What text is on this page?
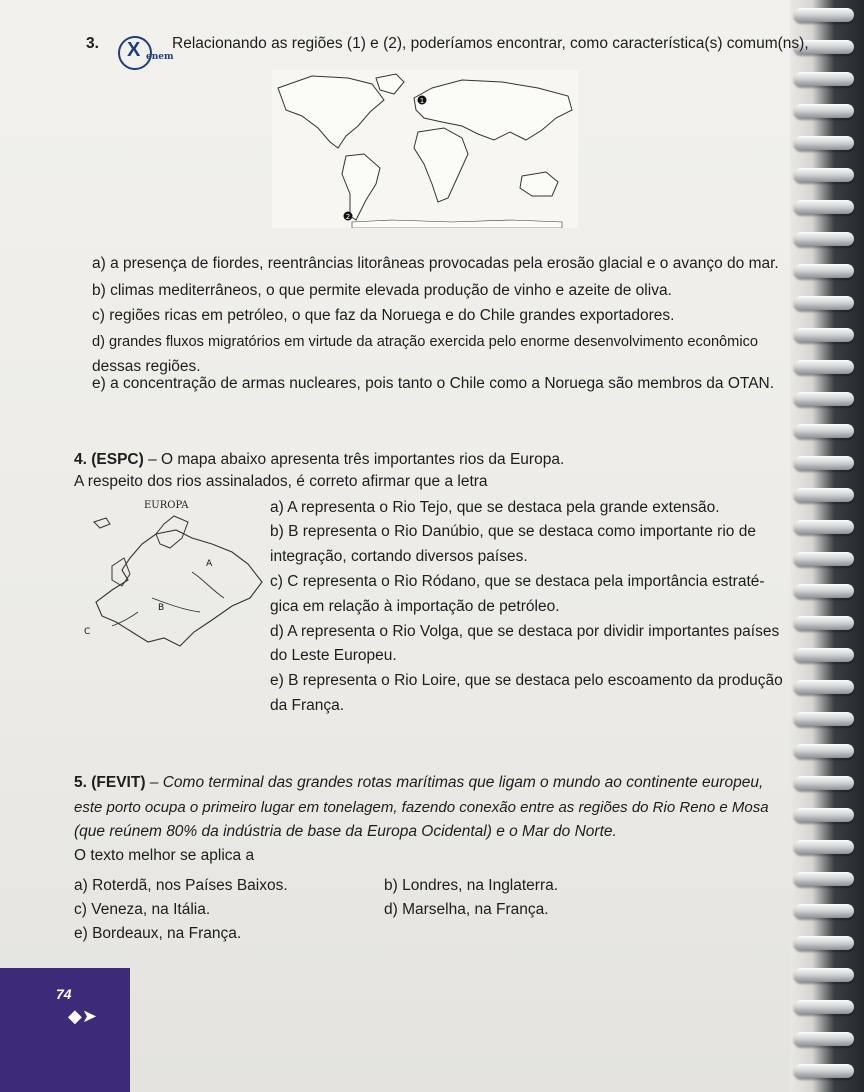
3. X enem
Relacionando as regiões (1) e (2), poderíamos encontrar, como característica(s) comum(ns),
1
2
a) a presença de fiordes, reentrâncias litorâneas provocadas pela erosão glacial e o avanço do mar.
b) climas mediterrâneos, o que permite elevada produção de vinho e azeite de oliva.
c) regiões ricas em petróleo, o que faz da Noruega e do Chile grandes exportadores.
d) grandes fluxos migratórios em virtude da atração exercida pelo enorme desenvolvimento econômico
dessas regiões.
e) a concentração de armas nucleares, pois tanto o Chile como a Noruega são membros da OTAN.
4. (ESPC) – O mapa abaixo apresenta três importantes rios da Europa.
A respeito dos rios assinalados, é correto afirmar que a letra
EUROPA
A
B
C
a) A representa o Rio Tejo, que se destaca pela grande extensão.
b) B representa o Rio Danúbio, que se destaca como importante rio de
integração, cortando diversos países.
c) C representa o Rio Ródano, que se destaca pela importância estraté-
gica em relação à importação de petróleo.
d) A representa o Rio Volga, que se destaca por dividir importantes países
do Leste Europeu.
e) B representa o Rio Loire, que se destaca pelo escoamento da produção
da França.
5. (FEVIT) – Como terminal das grandes rotas marítimas que ligam o mundo ao continente europeu,
este porto ocupa o primeiro lugar em tonelagem, fazendo conexão entre as regiões do Rio Reno e Mosa
(que reúnem 80% da indústria de base da Europa Ocidental) e o Mar do Norte.
O texto melhor se aplica a
a) Roterdã, nos Países Baixos.	b) Londres, na Inglaterra.
c) Veneza, na Itália.	d) Marselha, na França.
e) Bordeaux, na França.
74
◆➤
